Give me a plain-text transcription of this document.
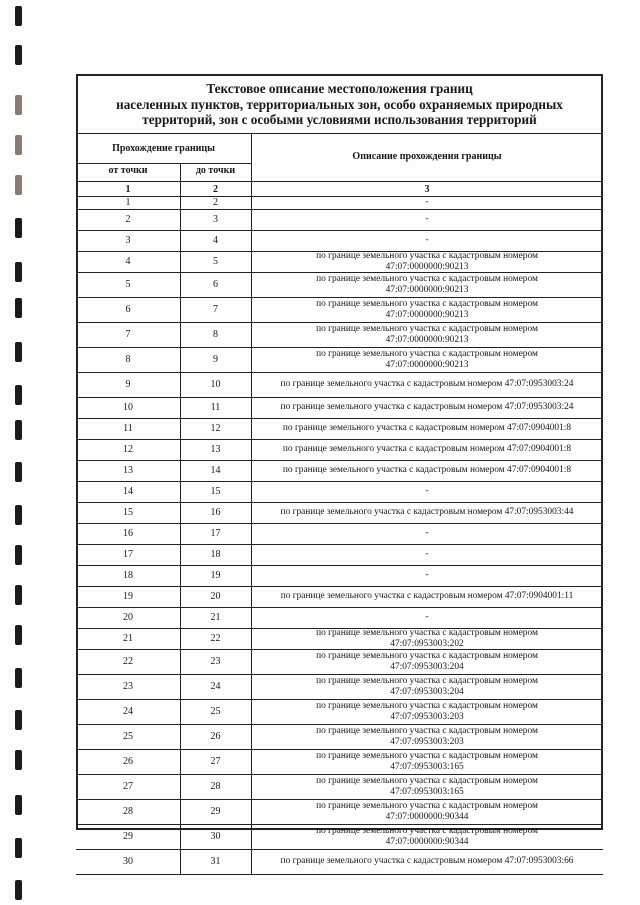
Текстовое описание местоположения границ
населенных пунктов, территориальных зон, особо охраняемых природных
территорий, зон с особыми условиями использования территорий
Прохождение границы
от точки	до точки
Описание прохождения границы
1	2	3
1	2	-
2	3	-
3	4	-
4	5	по границе земельного участка с кадастровым номером
47:07:0000000:90213
5	6	по границе земельного участка с кадастровым номером
47:07:0000000:90213
6	7	по границе земельного участка с кадастровым номером
47:07:0000000:90213
7	8	по границе земельного участка с кадастровым номером
47:07:0000000:90213
8	9	по границе земельного участка с кадастровым номером
47:07:0000000:90213
9	10	по границе земельного участка с кадастровым номером 47:07:0953003:24
10	11	по границе земельного участка с кадастровым номером 47:07:0953003:24
11	12	по границе земельного участка с кадастровым номером 47:07:0904001:8
12	13	по границе земельного участка с кадастровым номером 47:07:0904001:8
13	14	по границе земельного участка с кадастровым номером 47:07:0904001:8
14	15	-
15	16	по границе земельного участка с кадастровым номером 47:07:0953003:44
16	17	-
17	18	-
18	19	-
19	20	по границе земельного участка с кадастровым номером 47:07:0904001:11
20	21	-
21	22	по границе земельного участка с кадастровым номером
47:07:0953003:202
22	23	по границе земельного участка с кадастровым номером
47:07:0953003:204
23	24	по границе земельного участка с кадастровым номером
47:07:0953003:204
24	25	по границе земельного участка с кадастровым номером
47:07:0953003:203
25	26	по границе земельного участка с кадастровым номером
47:07:0953003:203
26	27	по границе земельного участка с кадастровым номером
47:07:0953003:165
27	28	по границе земельного участка с кадастровым номером
47:07:0953003:165
28	29	по границе земельного участка с кадастровым номером
47:07:0000000:90344
29	30	по границе земельного участка с кадастровым номером
47:07:0000000:90344
30	31	по границе земельного участка с кадастровым номером 47:07:0953003:66
